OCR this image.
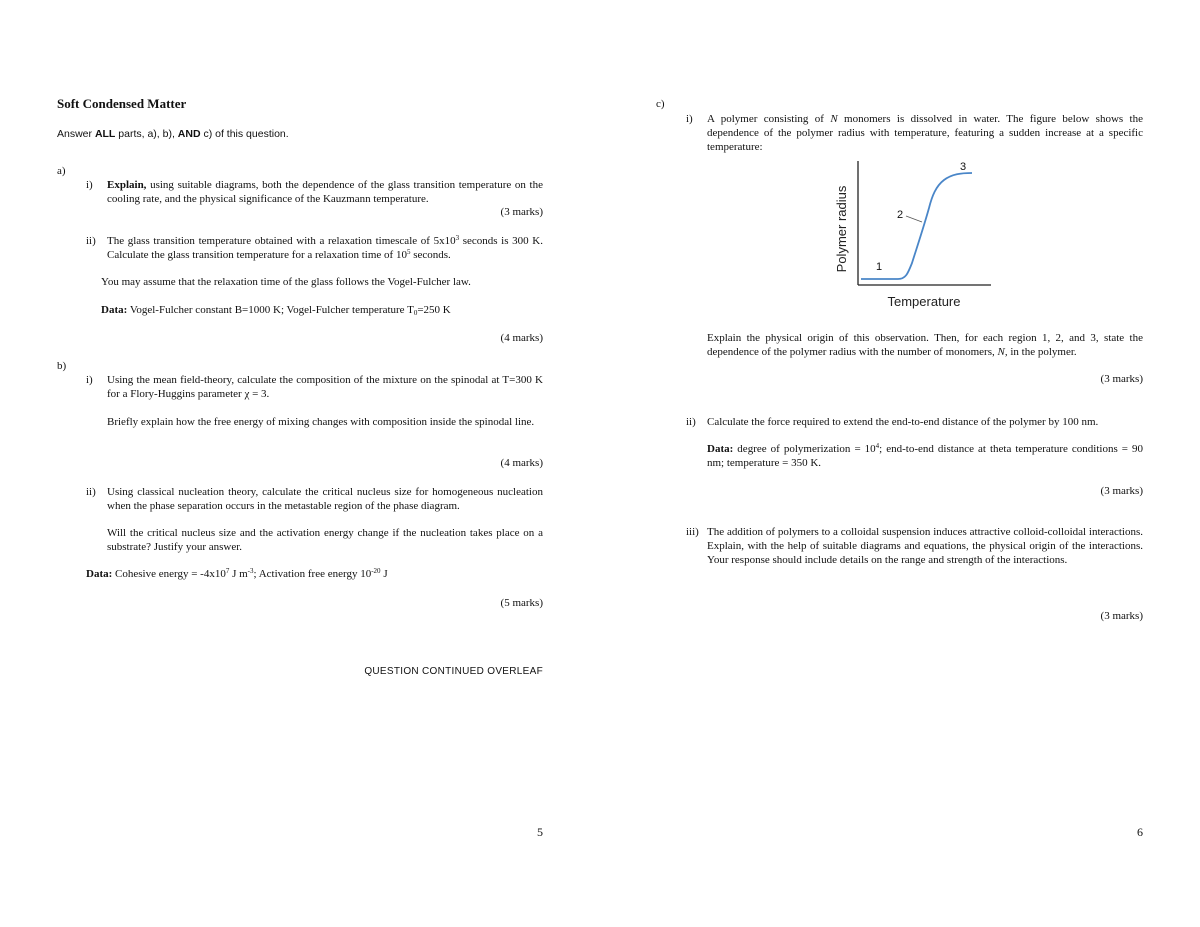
Soft Condensed Matter
Answer ALL parts, a), b), AND c) of this question.
a)
i) Explain, using suitable diagrams, both the dependence of the glass transition temperature on the cooling rate, and the physical significance of the Kauzmann temperature.
(3 marks)
ii) The glass transition temperature obtained with a relaxation timescale of $5x10^3$ seconds is 300 K. Calculate the glass transition temperature for a relaxation time of $10^5$ seconds.
You may assume that the relaxation time of the glass follows the Vogel-Fulcher law.
Data: Vogel-Fulcher constant B=1000 K; Vogel-Fulcher temperature $T_0=250$ K
(4 marks)
b)
i) Using the mean field-theory, calculate the composition of the mixture on the spinodal at T=300 K for a Flory-Huggins parameter χ = 3.
Briefly explain how the free energy of mixing changes with composition inside the spinodal line.
(4 marks)
ii) Using classical nucleation theory, calculate the critical nucleus size for homogeneous nucleation when the phase separation occurs in the metastable region of the phase diagram.
Will the critical nucleus size and the activation energy change if the nucleation takes place on a substrate? Justify your answer.
Data: Cohesive energy = $-4x10^7$ J $m^{-3}$; Activation free energy $10^{-20}$ J
(5 marks)
QUESTION CONTINUED OVERLEAF
5
c)
i) A polymer consisting of N monomers is dissolved in water. The figure below shows the dependence of the polymer radius with temperature, featuring a sudden increase at a specific temperature:
1
2
3
Polymer radius
Temperature
Explain the physical origin of this observation. Then, for each region 1, 2, and 3, state the dependence of the polymer radius with the number of monomers, N, in the polymer.
(3 marks)
ii) Calculate the force required to extend the end-to-end distance of the polymer by 100 nm.
Data: degree of polymerization = $10^4$; end-to-end distance at theta temperature conditions = 90 nm; temperature = 350 K.
(3 marks)
iii) The addition of polymers to a colloidal suspension induces attractive colloid-colloidal interactions. Explain, with the help of suitable diagrams and equations, the physical origin of the interactions. Your response should include details on the range and strength of the interactions.
(3 marks)
6
